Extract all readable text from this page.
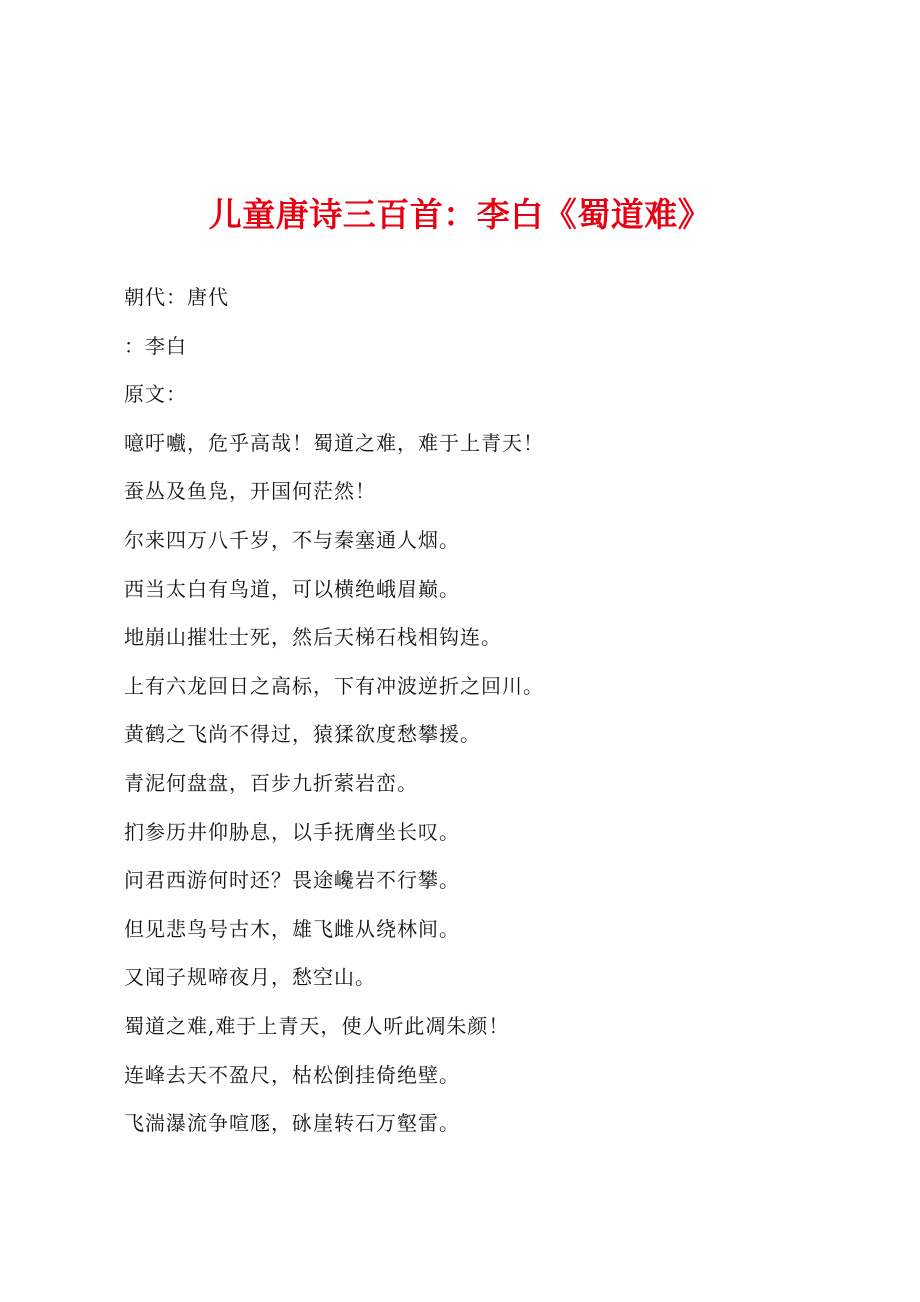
儿童唐诗三百首：李白《蜀道难》
朝代：唐代
：李白
原文：
噫吁嚱，危乎高哉！蜀道之难，难于上青天！
蚕丛及鱼凫，开国何茫然！
尔来四万八千岁，不与秦塞通人烟。
西当太白有鸟道，可以横绝峨眉巅。
地崩山摧壮士死，然后天梯石栈相钩连。
上有六龙回日之高标，下有冲波逆折之回川。
黄鹤之飞尚不得过，猿猱欲度愁攀援。
青泥何盘盘，百步九折萦岩峦。
扪参历井仰胁息，以手抚膺坐长叹。
问君西游何时还？畏途巉岩不行攀。
但见悲鸟号古木，雄飞雌从绕林间。
又闻子规啼夜月，愁空山。
蜀道之难,难于上青天，使人听此凋朱颜！
连峰去天不盈尺，枯松倒挂倚绝壁。
飞湍瀑流争喧豗，砯崖转石万壑雷。
